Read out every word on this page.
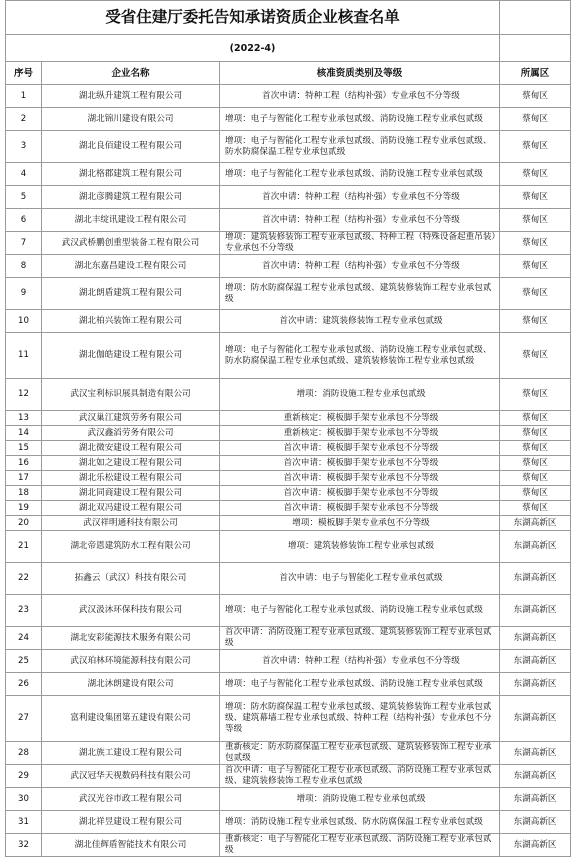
受省住建厅委托告知承诺资质企业核查名单			
(2022-4)			
序号	企业名称	核准资质类别及等级	所属区
1	湖北纵升建筑工程有限公司	首次申请：特种工程（结构补强）专业承包不分等级	蔡甸区
2	湖北锦川建设有限公司	增项：电子与智能化工程专业承包贰级、消防设施工程专业承包贰级	蔡甸区
3	湖北良佰建设工程有限公司	增项：电子与智能化工程专业承包贰级、消防设施工程专业承包贰级、防水防腐保温工程专业承包贰级	蔡甸区
4	湖北格郡建筑工程有限公司	增项：电子与智能化工程专业承包贰级、消防设施工程专业承包贰级	蔡甸区
5	湖北彦腾建筑工程有限公司	首次申请：特种工程（结构补强）专业承包不分等级	蔡甸区
6	湖北丰绽讯建设工程有限公司	首次申请：特种工程（结构补强）专业承包不分等级	蔡甸区
7	武汉武桥鹏创重型装备工程有限公司	增项：建筑装修装饰工程专业承包贰级、特种工程（特殊设备起重吊装）专业承包不分等级	蔡甸区
8	湖北东嘉昌建设工程有限公司	首次申请：特种工程（结构补强）专业承包不分等级	蔡甸区
9	湖北朗盾建筑工程有限公司	增项：防水防腐保温工程专业承包贰级、建筑装修装饰工程专业承包贰级	蔡甸区
10	湖北柏兴装饰工程有限公司	首次申请：建筑装修装饰工程专业承包贰级	蔡甸区
11	湖北伽皓建设工程有限公司	增项：电子与智能化工程专业承包贰级、消防设施工程专业承包贰级、防水防腐保温工程专业承包贰级、建筑装修装饰工程专业承包贰级	蔡甸区
12	武汉宝利标识展具制造有限公司	增项：消防设施工程专业承包贰级	蔡甸区
13	武汉巢江建筑劳务有限公司	重新核定：模板脚手架专业承包不分等级	蔡甸区
14	武汉鑫滔劳务有限公司	重新核定：模板脚手架专业承包不分等级	蔡甸区
15	湖北微安建设工程有限公司	首次申请：模板脚手架专业承包不分等级	蔡甸区
16	湖北如之建设工程有限公司	首次申请：模板脚手架专业承包不分等级	蔡甸区
17	湖北乐松建设工程有限公司	首次申请：模板脚手架专业承包不分等级	蔡甸区
18	湖北同商建设工程有限公司	首次申请：模板脚手架专业承包不分等级	蔡甸区
19	湖北双冯建设工程有限公司	首次申请：模板脚手架专业承包不分等级	蔡甸区
20	武汉祥明通科技有限公司	增项：模板脚手架专业承包不分等级	东湖高新区
21	湖北帝恩建筑防水工程有限公司	增项：建筑装修装饰工程专业承包贰级	东湖高新区
22	拓鑫云（武汉）科技有限公司	首次申请：电子与智能化工程专业承包贰级	东湖高新区
23	武汉汲沐环保科技有限公司	增项：电子与智能化工程专业承包贰级、消防设施工程专业承包贰级	东湖高新区
24	湖北安彩能源技术服务有限公司	首次申请：消防设施工程专业承包贰级、建筑装修装饰工程专业承包贰级	东湖高新区
25	武汉珀林环境能源科技有限公司	首次申请：特种工程（结构补强）专业承包不分等级	东湖高新区
26	湖北沐朗建设有限公司	增项：电子与智能化工程专业承包贰级、消防设施工程专业承包贰级	东湖高新区
27	富利建设集团第五建设有限公司	增项：防水防腐保温工程专业承包贰级、建筑装修装饰工程专业承包贰级、建筑幕墙工程专业承包贰级、特种工程（结构补强）专业承包不分等级	东湖高新区
28	湖北族工建设工程有限公司	重新核定：防水防腐保温工程专业承包贰级、建筑装修装饰工程专业承包贰级	东湖高新区
29	武汉冠华天视数码科技有限公司	首次申请：电子与智能化工程专业承包贰级、消防设施工程专业承包贰级、建筑装修装饰工程专业承包贰级	东湖高新区
30	武汉光谷市政工程有限公司	增项：消防设施工程专业承包贰级	东湖高新区
31	湖北祥昱建设工程有限公司	增项：消防设施工程专业承包贰级、防水防腐保温工程专业承包贰级	东湖高新区
32	湖北佳辉盾智能技术有限公司	重新核定：电子与智能化工程专业承包贰级、消防设施工程专业承包贰级	东湖高新区
